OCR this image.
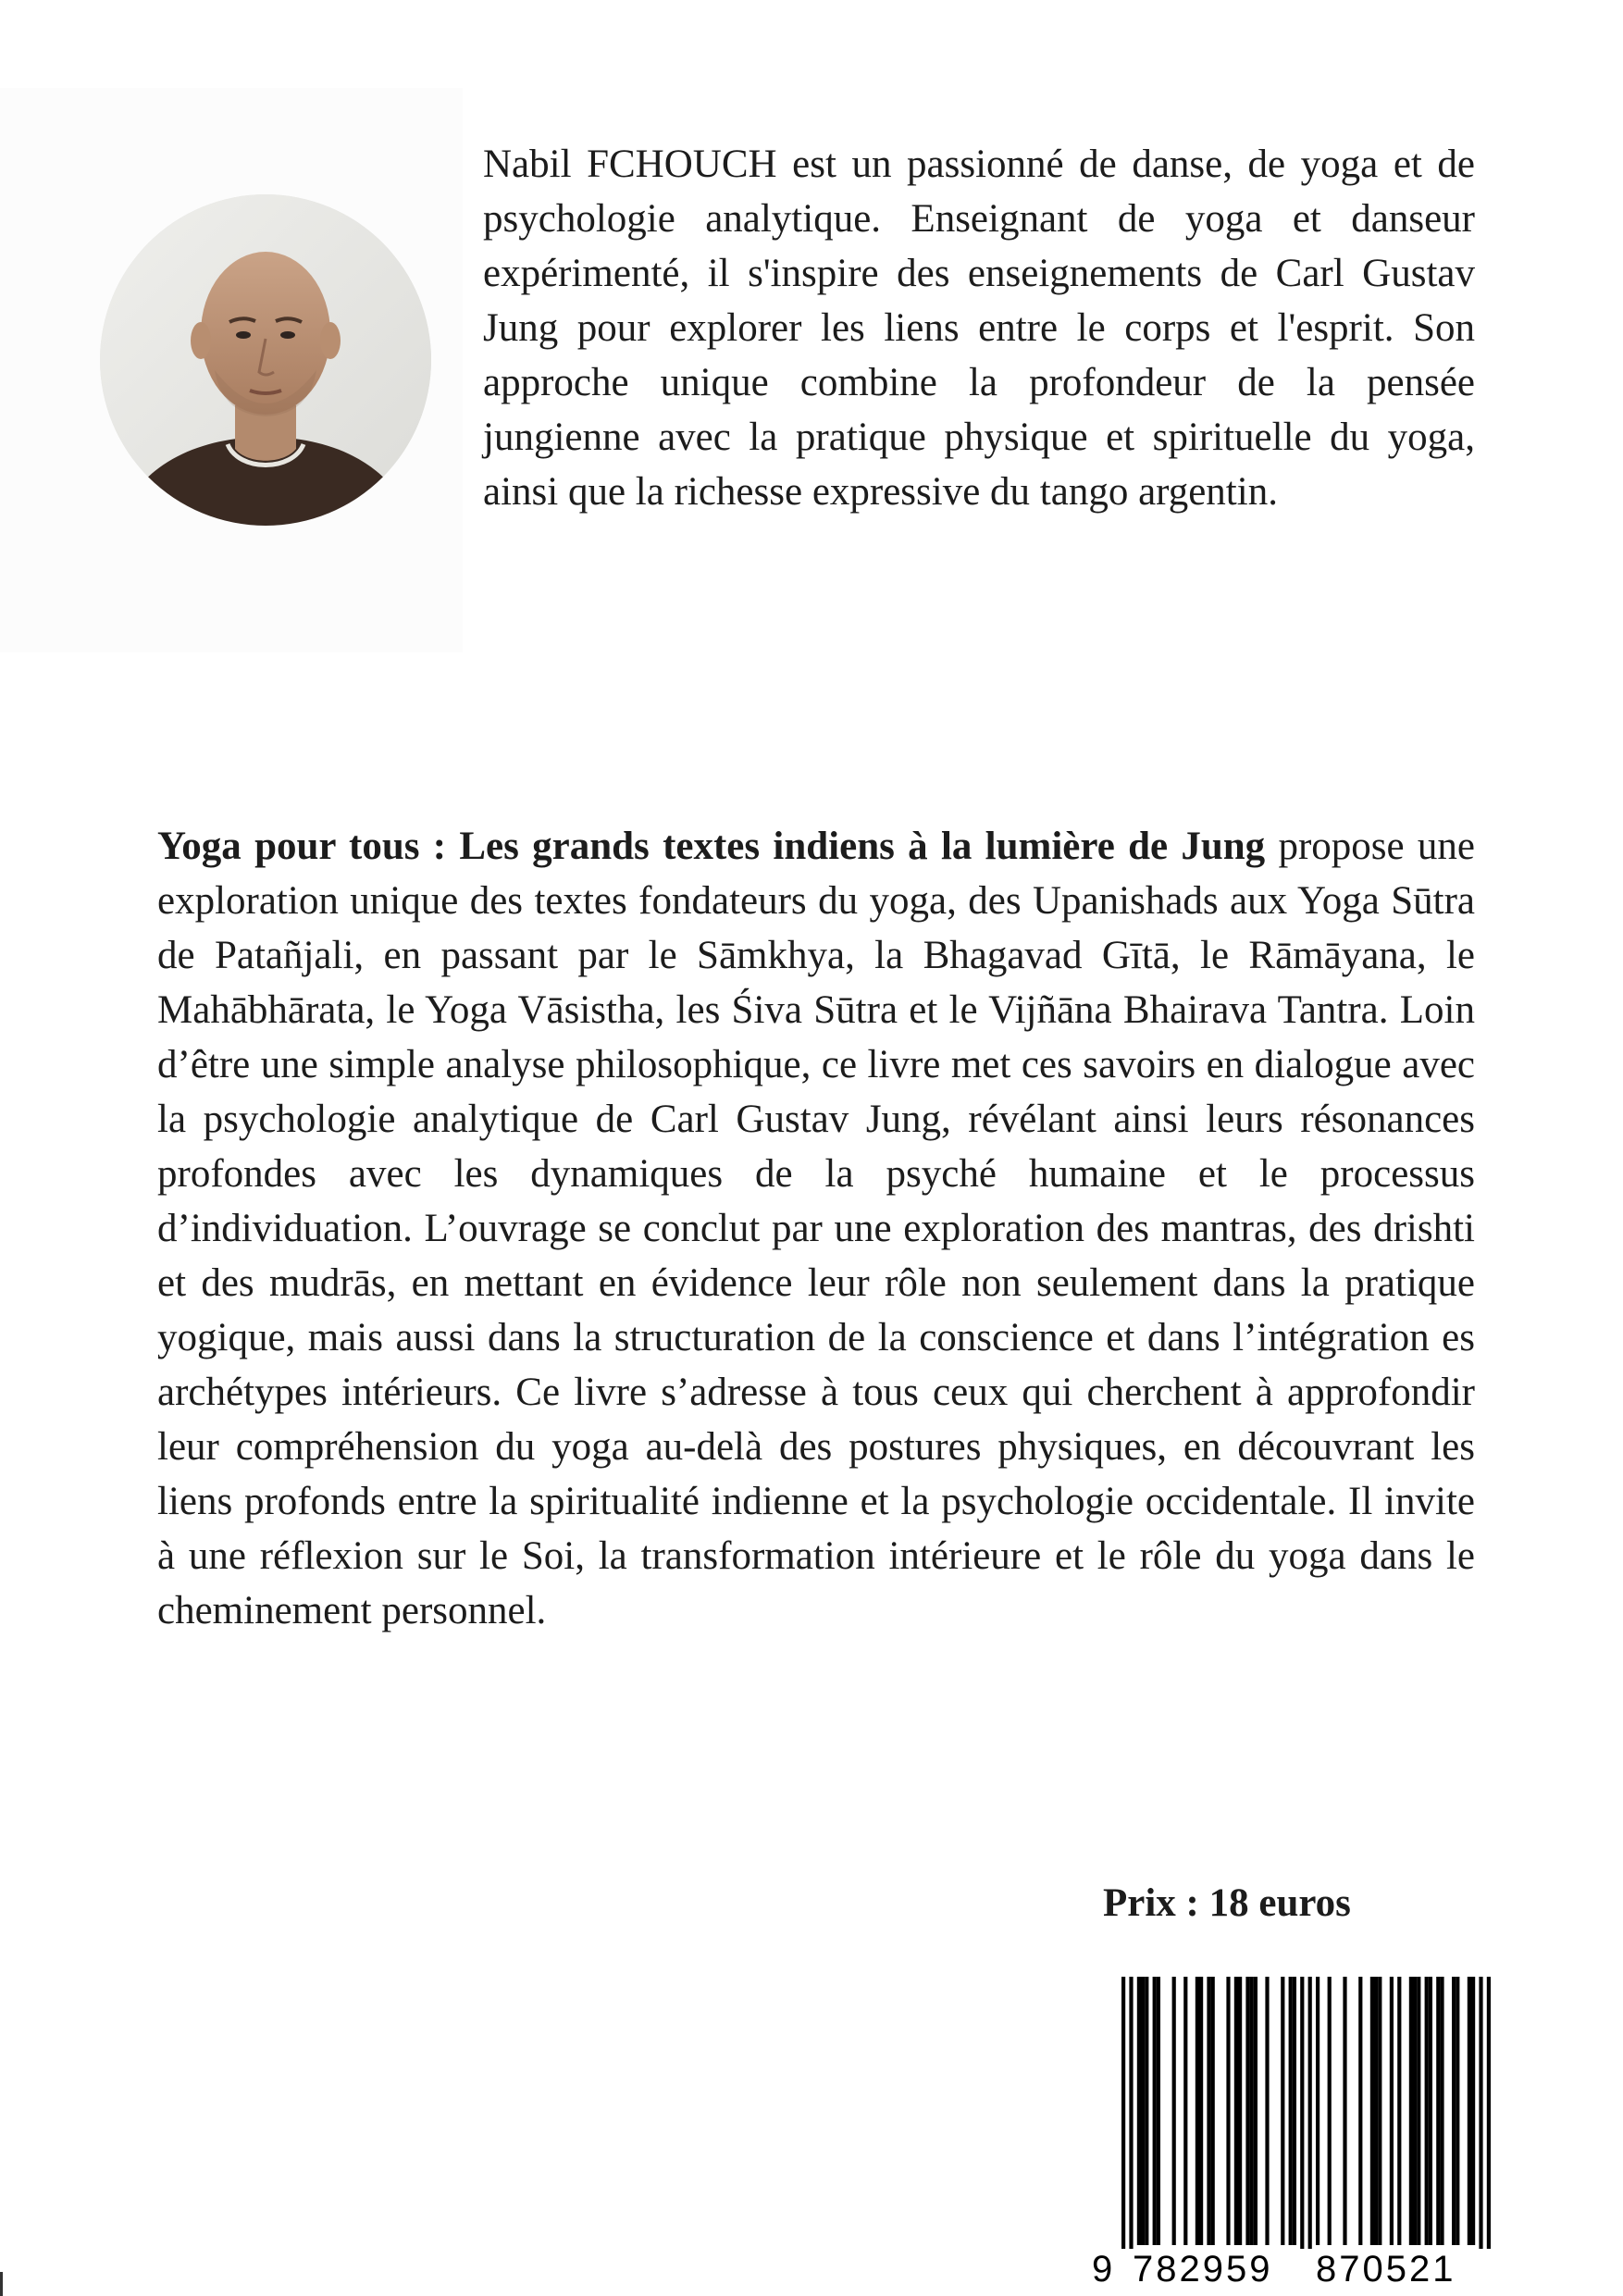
Nabil FCHOUCH est un passionné de danse, de yoga et de psychologie analytique. Enseignant de yoga et danseur expérimenté, il s'inspire des enseignements de Carl Gustav Jung pour explorer les liens entre le corps et l'esprit. Son approche unique combine la profondeur de la pensée jungienne avec la pratique physique et spirituelle du yoga, ainsi que la richesse expressive du tango argentin.

Yoga pour tous : Les grands textes indiens à la lumière de Jung propose une exploration unique des textes fondateurs du yoga, des Upanishads aux Yoga Sūtra de Patañjali, en passant par le Sāmkhya, la Bhagavad Gītā, le Rāmāyana, le Mahābhārata, le Yoga Vāsistha, les Śiva Sūtra et le Vijñāna Bhairava Tantra. Loin d’être une simple analyse philosophique, ce livre met ces savoirs en dialogue avec la psychologie analytique de Carl Gustav Jung, révélant ainsi leurs résonances profondes avec les dynamiques de la psyché humaine et le processus d’individuation. L’ouvrage se conclut par une exploration des mantras, des drishti et des mudrās, en mettant en évidence leur rôle non seulement dans la pratique yogique, mais aussi dans la structuration de la conscience et dans l’intégration es archétypes intérieurs. Ce livre s’adresse à tous ceux qui cherchent à approfondir leur compréhension du yoga au-delà des postures physiques, en découvrant les liens profonds entre la spiritualité indienne et la psychologie occidentale. Il invite à une réflexion sur le Soi, la transformation intérieure et le rôle du yoga dans le cheminement personnel.

Prix : 18 euros

9 782959 870521
